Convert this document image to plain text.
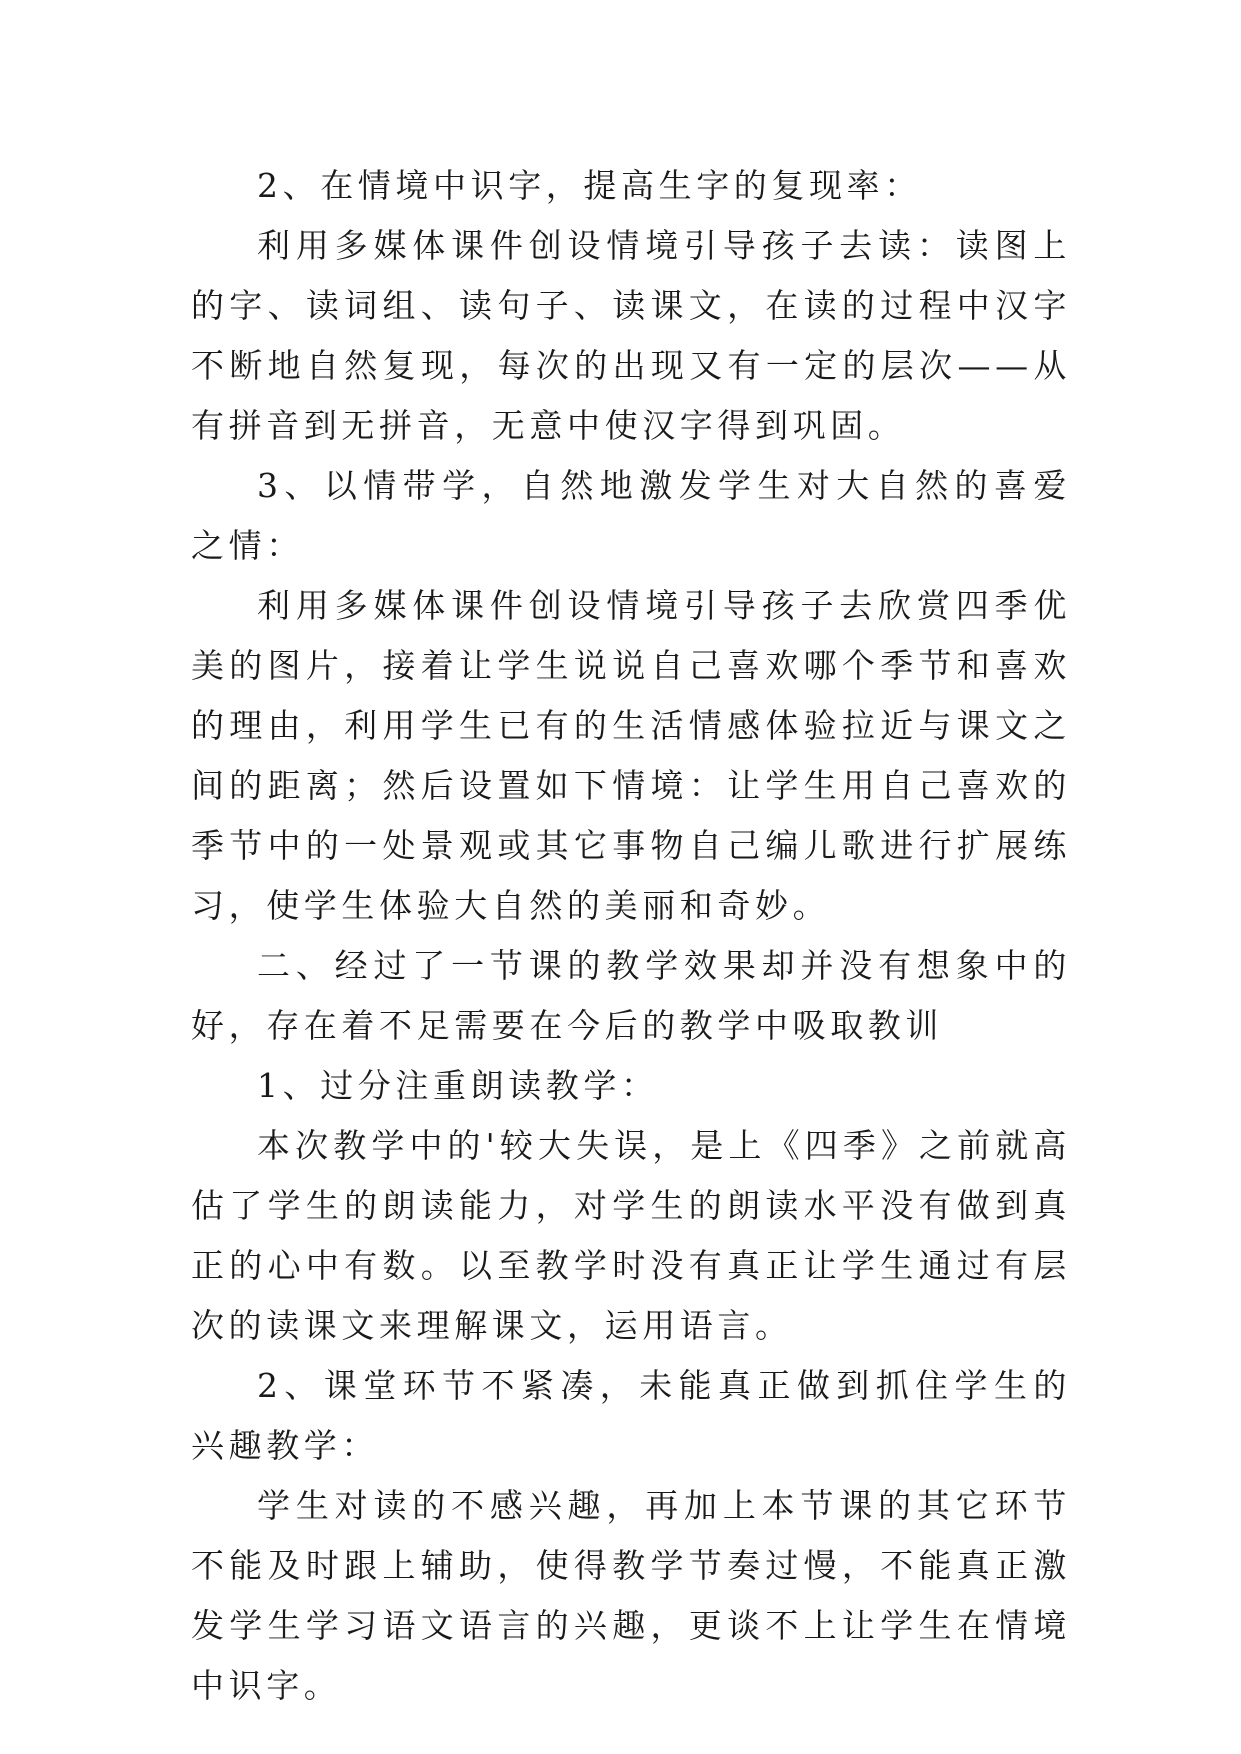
2、在情境中识字，提高生字的复现率：

利用多媒体课件创设情境引导孩子去读：读图上的字、读词组、读句子、读课文，在读的过程中汉字不断地自然复现，每次的出现又有一定的层次——从有拼音到无拼音，无意中使汉字得到巩固。

3、以情带学，自然地激发学生对大自然的喜爱之情：

利用多媒体课件创设情境引导孩子去欣赏四季优美的图片，接着让学生说说自己喜欢哪个季节和喜欢的理由，利用学生已有的生活情感体验拉近与课文之间的距离；然后设置如下情境：让学生用自己喜欢的季节中的一处景观或其它事物自己编儿歌进行扩展练习，使学生体验大自然的美丽和奇妙。

二、经过了一节课的教学效果却并没有想象中的好，存在着不足需要在今后的教学中吸取教训

1、过分注重朗读教学：

本次教学中的'较大失误，是上《四季》之前就高估了学生的朗读能力，对学生的朗读水平没有做到真正的心中有数。以至教学时没有真正让学生通过有层次的读课文来理解课文，运用语言。

2、课堂环节不紧凑，未能真正做到抓住学生的兴趣教学：

学生对读的不感兴趣，再加上本节课的其它环节不能及时跟上辅助，使得教学节奏过慢，不能真正激发学生学习语文语言的兴趣，更谈不上让学生在情境中识字。
